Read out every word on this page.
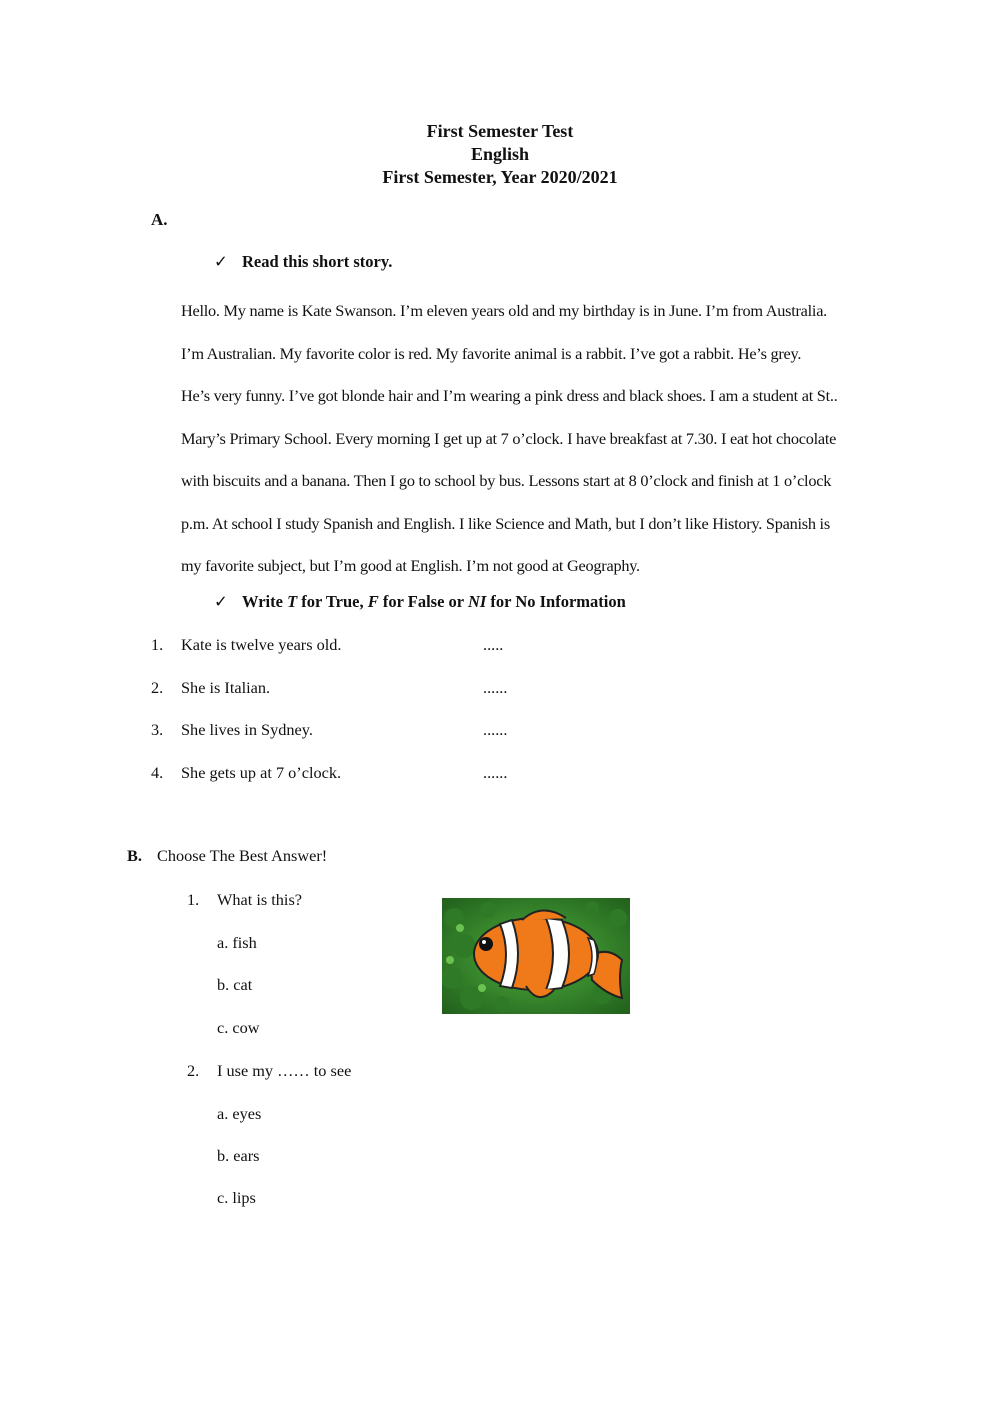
First Semester Test
English
First Semester, Year 2020/2021
A.
✓ Read this short story.
Hello. My name is Kate Swanson. I’m eleven years old and my birthday is in June. I’m from Australia.
I’m Australian. My favorite color is red. My favorite animal is a rabbit. I’ve got a rabbit. He’s grey.
He’s very funny. I’ve got blonde hair and I’m wearing a pink dress and black shoes. I am a student at St..
Mary’s Primary School. Every morning I get up at 7 o’clock. I have breakfast at 7.30. I eat hot chocolate
with biscuits and a banana. Then I go to school by bus. Lessons start at 8 0’clock and finish at 1 o’clock
p.m. At school I study Spanish and English. I like Science and Math, but I don’t like History. Spanish is
my favorite subject, but I’m good at English. I’m not good at Geography.
✓ Write T for True, F for False or NI for No Information
1. Kate is twelve years old.	.....
2. She is Italian.	......
3. She lives in Sydney.	......
4. She gets up at 7 o’clock.	......
B. Choose The Best Answer!
1. What is this?
a. fish
b. cat
c. cow
2. I use my …… to see
a. eyes
b. ears
c. lips
